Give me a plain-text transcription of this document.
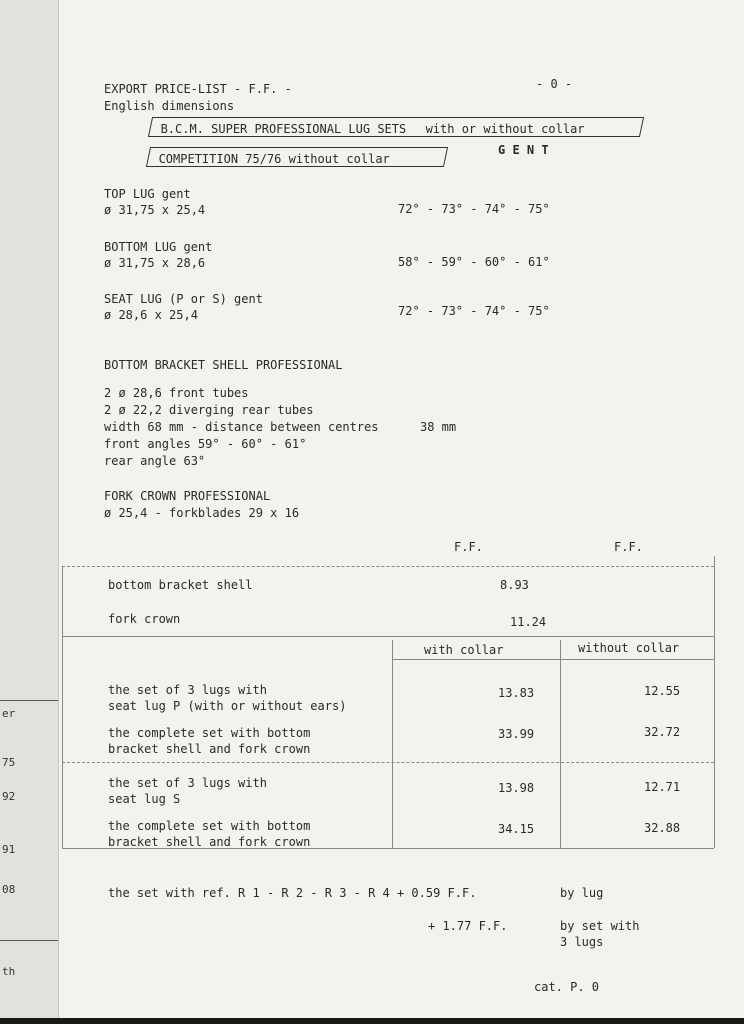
er
75
92
91
08
th
EXPORT PRICE-LIST - F.F. -
English dimensions
- 0 -
B.C.M. SUPER PROFESSIONAL LUG SETS with or without collar
COMPETITION 75/76 without collar
G E N T
TOP LUG gent
ø 31,75 x 25,4	72° - 73° - 74° - 75°
BOTTOM LUG gent
ø 31,75 x 28,6	58° - 59° - 60° - 61°
SEAT LUG (P or S) gent
ø 28,6 x 25,4	72° - 73° - 74° - 75°
BOTTOM BRACKET SHELL PROFESSIONAL
2 ø 28,6 front tubes
2 ø 22,2 diverging rear tubes
width 68 mm - distance between centres	38 mm
front angles 59° - 60° - 61°
rear angle 63°
FORK CROWN PROFESSIONAL
ø 25,4 - forkblades 29 x 16
F.F.	F.F.
bottom bracket shell	8.93
fork crown	11.24
with collar	without collar
the set of 3 lugs with
seat lug P (with or without ears)
13.83	12.55
the complete set with bottom
bracket shell and fork crown
33.99	32.72
the set of 3 lugs with
seat lug S
13.98	12.71
the complete set with bottom
bracket shell and fork crown
34.15	32.88
the set with ref. R 1 - R 2 - R 3 - R 4 + 0.59 F.F.	by lug
+ 1.77 F.F.	by set with
3 lugs
cat. P. 0
